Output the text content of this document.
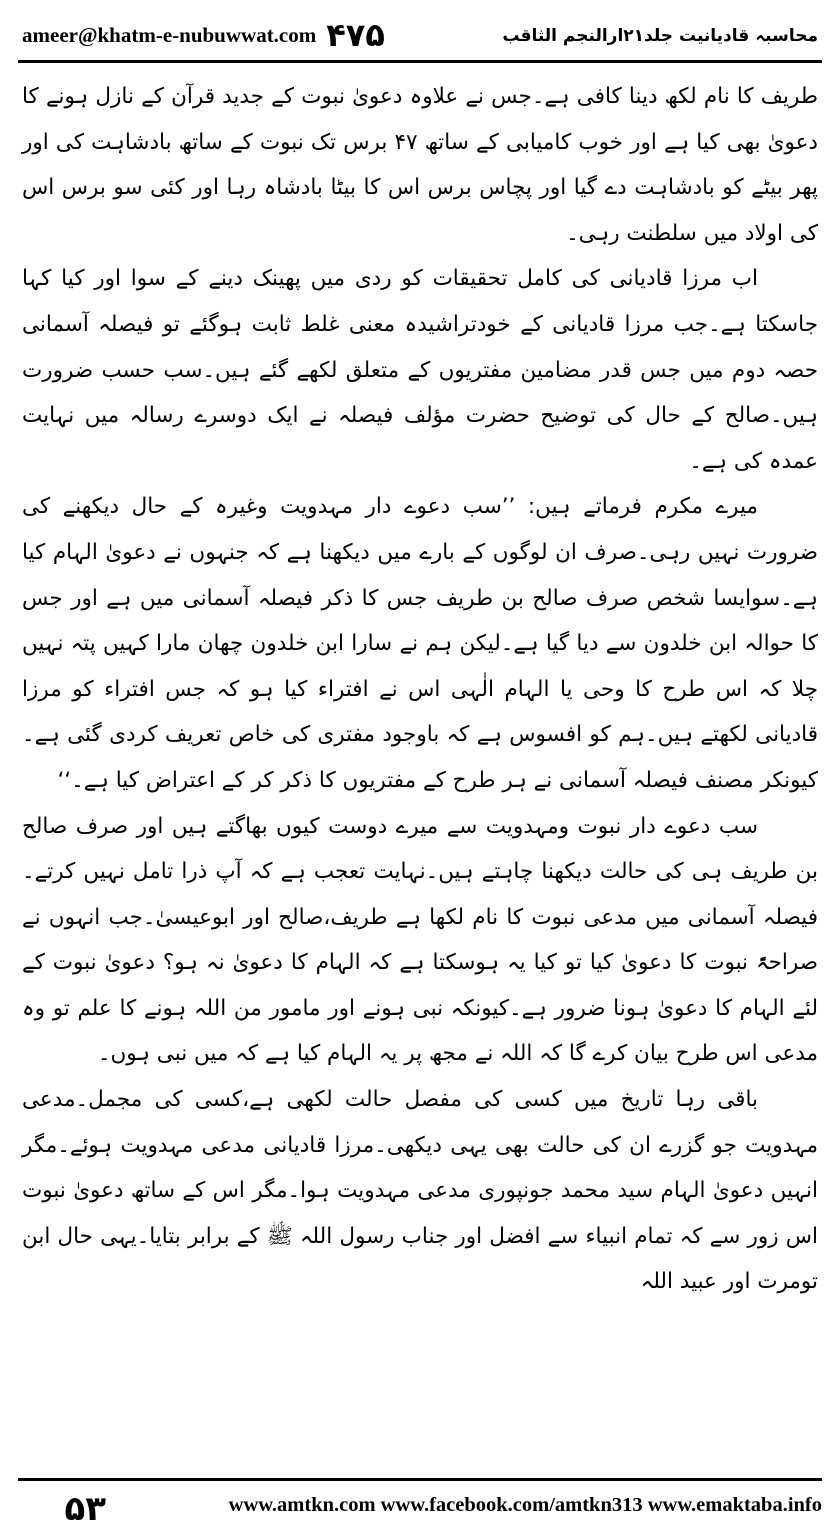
ameer@khatm-e-nubuwwat.com ۴۷۵	محاسبہ قادیانیت جلد۲۱ارالنجم الثاقب

طریف کا نام لکھ دینا کافی ہے۔جس نے علاوہ دعویٰ نبوت کے جدید قرآن کے نازل ہونے کا دعویٰ بھی کیا ہے اور خوب کامیابی کے ساتھ ۴۷ برس تک نبوت کے ساتھ بادشاہت کی اور پھر بیٹے کو بادشاہت دے گیا اور پچاس برس اس کا بیٹا بادشاہ رہا اور کئی سو برس اس کی اولاد میں سلطنت رہی۔

اب مرزا قادیانی کی کامل تحقیقات کو ردی میں پھینک دینے کے سوا اور کیا کہا جاسکتا ہے۔جب مرزا قادیانی کے خودتراشیدہ معنی غلط ثابت ہوگئے تو فیصلہ آسمانی حصہ دوم میں جس قدر مضامین مفتریوں کے متعلق لکھے گئے ہیں۔سب حسب ضرورت ہیں۔صالح کے حال کی توضیح حضرت مؤلف فیصلہ نے ایک دوسرے رسالہ میں نہایت عمدہ کی ہے۔

میرے مکرم فرماتے ہیں: ’’سب دعوے دار مہدویت وغیرہ کے حال دیکھنے کی ضرورت نہیں رہی۔صرف ان لوگوں کے بارے میں دیکھنا ہے کہ جنہوں نے دعویٰ الہام کیا ہے۔سوایسا شخص صرف صالح بن طریف جس کا ذکر فیصلہ آسمانی میں ہے اور جس کا حوالہ ابن خلدون سے دیا گیا ہے۔لیکن ہم نے سارا ابن خلدون چھان مارا کہیں پتہ نہیں چلا کہ اس طرح کا وحی یا الہام الٰہی اس نے افتراء کیا ہو کہ جس افتراء کو مرزا قادیانی لکھتے ہیں۔ہم کو افسوس ہے کہ باوجود مفتری کی خاص تعریف کردی گئی ہے۔کیونکر مصنف فیصلہ آسمانی نے ہر طرح کے مفتریوں کا ذکر کر کے اعتراض کیا ہے۔‘‘

سب دعوے دار نبوت ومہدویت سے میرے دوست کیوں بھاگتے ہیں اور صرف صالح بن طریف ہی کی حالت دیکھنا چاہتے ہیں۔نہایت تعجب ہے کہ آپ ذرا تامل نہیں کرتے۔فیصلہ آسمانی میں مدعی نبوت کا نام لکھا ہے طریف،صالح اور ابوعیسیٰ۔جب انہوں نے صراحۃً نبوت کا دعویٰ کیا تو کیا یہ ہوسکتا ہے کہ الہام کا دعویٰ نہ ہو؟ دعویٰ نبوت کے لئے الہام کا دعویٰ ہونا ضرور ہے۔کیونکہ نبی ہونے اور مامور من اللہ ہونے کا علم تو وہ مدعی اس طرح بیان کرے گا کہ اللہ نے مجھ پر یہ الہام کیا ہے کہ میں نبی ہوں۔

باقی رہا تاریخ میں کسی کی مفصل حالت لکھی ہے،کسی کی مجمل۔مدعی مہدویت جو گزرے ان کی حالت بھی یہی دیکھی۔مرزا قادیانی مدعی مہدویت ہوئے۔مگر انہیں دعویٰ الہام سید محمد جونپوری مدعی مہدویت ہوا۔مگر اس کے ساتھ دعویٰ نبوت اس زور سے کہ تمام انبیاء سے افضل اور جناب رسول اللہ ﷺ کے برابر بتایا۔یہی حال ابن تومرت اور عبید اللہ

۵۳	www.amtkn.com www.facebook.com/amtkn313 www.emaktaba.info
